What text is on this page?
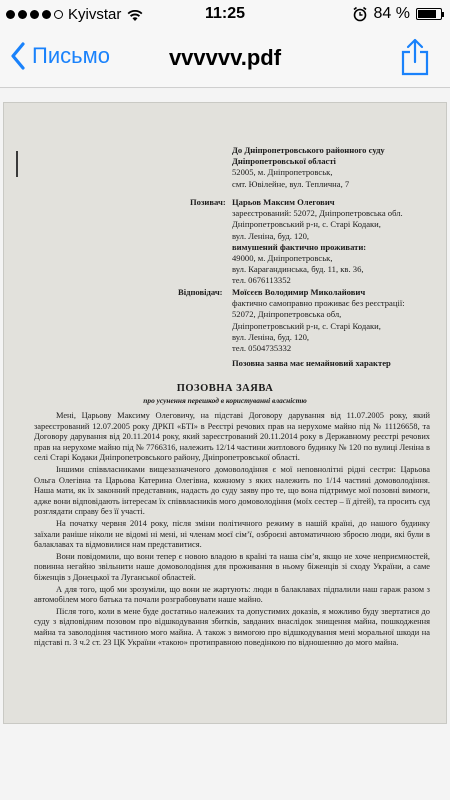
Kyivstar	11:25	84 %
Письмо	vvvvvv.pdf

До Дніпропетровського районного суду

Дніпропетровської області

52005, м. Дніпропетровськ,

смт. Ювілейне, вул. Теплична, 7

Позивач: Царьов Максим Олегович

зареєстрований: 52072, Дніпропетровська обл.

Дніпропетровський р-н, с. Старі Кодаки,

вул. Леніна, буд. 120,

вимушений фактично проживати:

49000, м. Дніпропетровськ,

вул. Карагандинська, буд. 11, кв. 36,

тел. 0676113352

Відповідач: Моїсєєв Володимир Миколайович

фактично самоправно проживає без реєстрації:

52072, Дніпропетровська обл,

Дніпропетровський р-н, с. Старі Кодаки,

вул. Леніна, буд. 120,

тел. 0504735332

Позовна заява має немайновий характер

ПОЗОВНА ЗАЯВА
про усунення перешкод в користуванні власністю

Мені, Царьову Максиму Олеговичу, на підставі Договору дарування від 11.07.2005 року, який зареєстрований 12.07.2005 року ДРКП «БТІ» в Реєстрі речових прав на нерухоме майно під № 11126658, та Договору дарування від 20.11.2014 року, який зареєстрований 20.11.2014 року в Державному реєстрі речових прав на нерухоме майно під № 7766316, належить 12/14 частини житлового будинку № 120 по вулиці Леніна в селі Старі Кодаки Дніпропетровського району, Дніпропетровської області.

Іншими співвласниками вищезазначеного домоволодіння є мої неповнолітні рідні сестри: Царьова Ольга Олегівна та Царьова Катерина Олегівна, кожному з яких належить по 1/14 частині домоволодіння. Наша мати, як їх законний представник, надасть до суду заяву про те, що вона підтримує мої позовні вимоги, адже вони відповідають інтересам їх співвласників мого домоволодіння (моїх сестер – її дітей), та просить суд розглядати справу без її участі.

На початку червня 2014 року, після зміни політичного режиму в нашій країні, до нашого будинку заїхали раніше ніколи не відомі ні мені, ні членам моєї сім’ї, озброєні автоматичною зброєю люди, які були в балаклавах та відмовилися нам представитися.

Вони повідомили, що вони тепер є новою владою в країні та наша сім’я, якщо не хоче неприємностей, повинна негайно звільнити наше домоволодіння для проживання в ньому біженців зі сходу України, а саме біженців з Донецької та Луганської областей.

А для того, щоб ми зрозуміли, що вони не жартують: люди в балаклавах підпалили наш гараж разом з автомобілем мого батька та почали розграбовувати наше майно.

Після того, коли в мене буде достатньо належних та допустимих доказів, я можливо буду звертатися до суду з відповідним позовом про відшкодування збитків, завданих внаслідок знищення майна, пошкодження майна та заволодіння частиною мого майна. А також з вимогою про відшкодування мені моральної шкоди на підставі п. 3 ч.2 ст. 23 ЦК України «такою» протиправною поведінкою по відношенню до мого майна.
